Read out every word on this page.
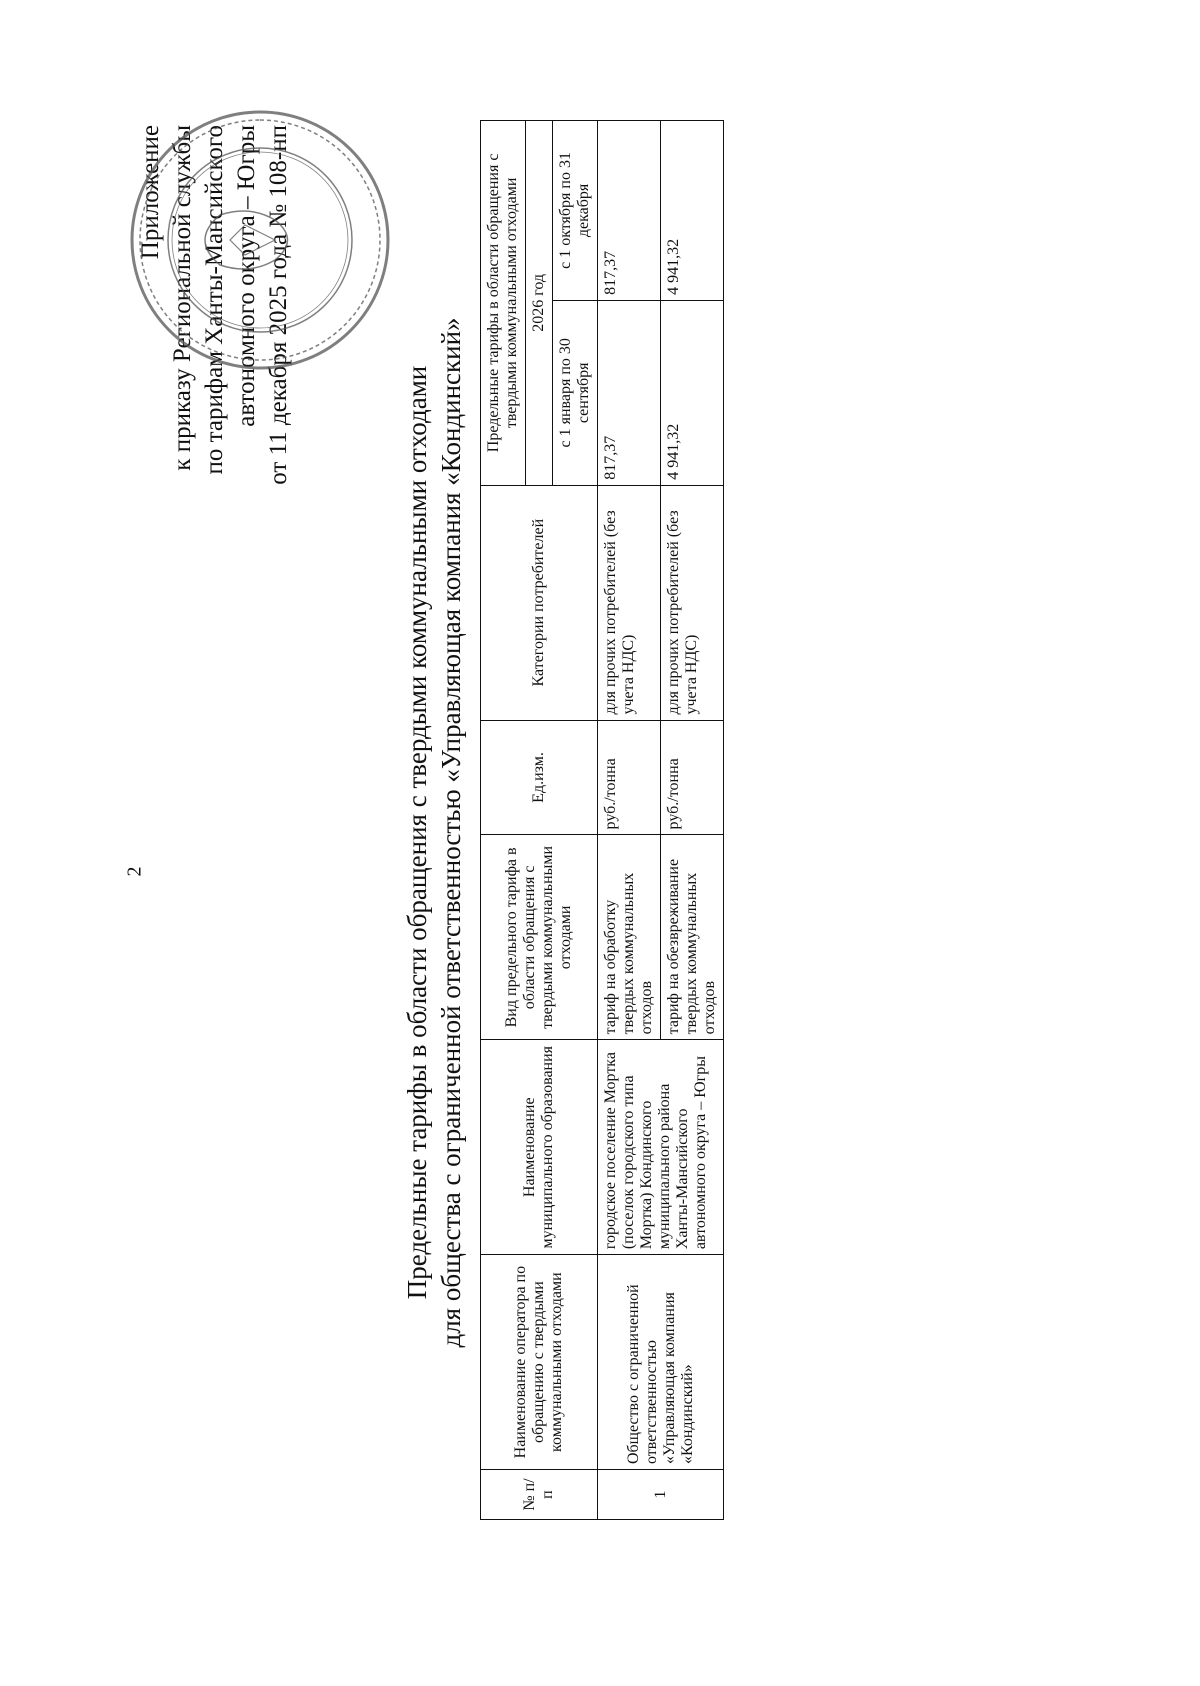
2
Приложение к приказу Региональной службы по тарифам Ханты-Мансийского автономного округа – Югры от 11 декабря 2025 года № 108-нп
Предельные тарифы в области обращения с твердыми коммунальными отходами для общества с ограниченной ответственностью «Управляющая компания «Кондинский»
№ п/п	Наименование оператора по обращению с твердыми коммунальными отходами	Наименование муниципального образования	Вид предельного тарифа в области обращения с твердыми коммунальными отходами	Ед.изм.	Категории потребителей	Предельные тарифы в области обращения с твердыми коммунальными отходами	
						2026 год	
						с 1 января по 30 сентября	с 1 октября по 31 декабря
1	Общество с ограниченной ответственностью «Управляющая компания «Кондинский»	городское поселение Мортка (поселок городского типа Мортка) Кондинского муниципального района Ханты-Мансийского автономного округа – Югры	тариф на обработку твердых коммунальных отходов	руб./тонна	для прочих потребителей (без учета НДС)	817,37	817,37
			тариф на обезвреживание твердых коммунальных отходов	руб./тонна	для прочих потребителей (без учета НДС)	4 941,32	4 941,32
